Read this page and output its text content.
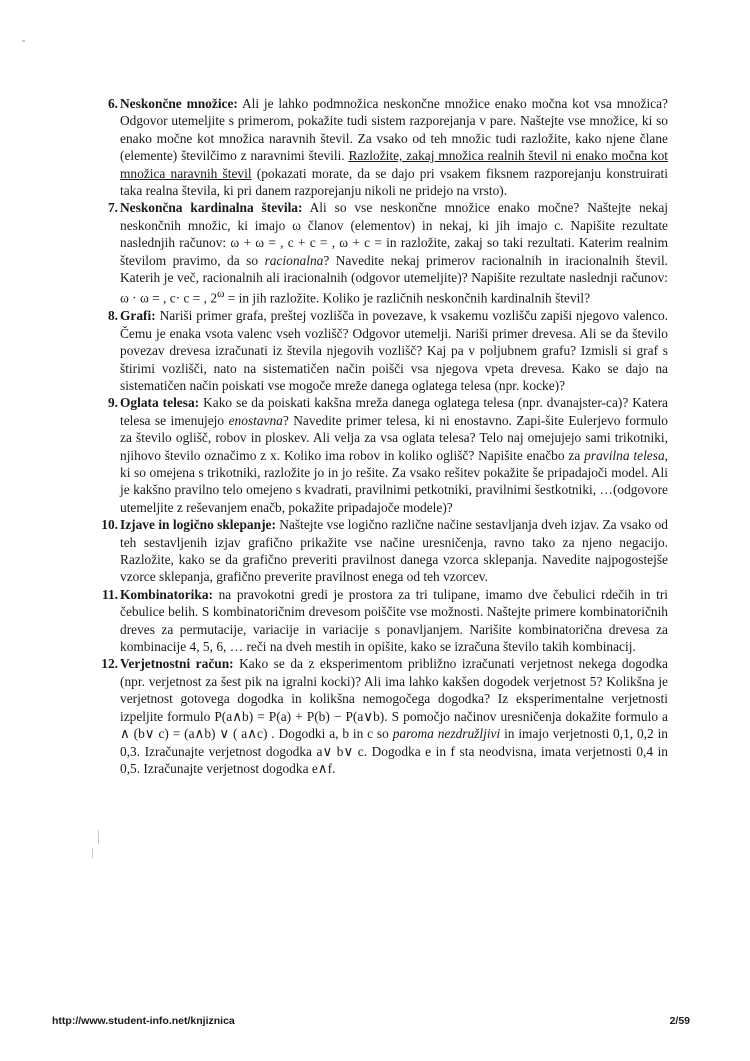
6. Neskončne množice: Ali je lahko podmnožica neskončne množice enako močna kot vsa množica? Odgovor utemeljite s primerom, pokažite tudi sistem razporejanja v pare. Naštejte vse množice, ki so enako močne kot množica naravnih števil. Za vsako od teh množic tudi razložite, kako njene člane (elemente) številčimo z naravnimi števili. Razložite, zakaj množica realnih števil ni enako močna kot množica naravnih števil (pokazati morate, da se dajo pri vsakem fiksnem razporejanju konstruirati taka realna števila, ki pri danem razporejanju nikoli ne pridejo na vrsto).
7. Neskončna kardinalna števila: Ali so vse neskončne množice enako močne? Naštejte nekaj neskončnih množic, ki imajo ω članov (elementov) in nekaj, ki jih imajo c. Napišite rezultate naslednjih računov: ω + ω = , c + c = , ω + c = in razložite, zakaj so taki rezultati. Katerim realnim številom pravimo, da so racionalna? Navedite nekaj primerov racionalnih in iracionalnih števil. Katerih je več, racionalnih ali iracionalnih (odgovor utemeljite)? Napišite rezultate naslednji računov: ω · ω = , c· c = , $2^\omega$ = in jih razložite. Koliko je različnih neskončnih kardinalnih števil?
8. Grafi: Nariši primer grafa, preštej vozlišča in povezave, k vsakemu vozlišču zapiši njegovo valenco. Čemu je enaka vsota valenc vseh vozlišč? Odgovor utemelji. Nariši primer drevesa. Ali se da število povezav drevesa izračunati iz števila njegovih vozlišč? Kaj pa v poljubnem grafu? Izmisli si graf s štirimi vozlišči, nato na sistematičen način poišči vsa njegova vpeta drevesa. Kako se dajo na sistematičen način poiskati vse mogoče mreže danega oglatega telesa (npr. kocke)?
9. Oglata telesa: Kako se da poiskati kakšna mreža danega oglatega telesa (npr. dvanajster-ca)? Katera telesa se imenujejo enostavna? Navedite primer telesa, ki ni enostavno. Zapi-šite Eulerjevo formulo za število oglišč, robov in ploskev. Ali velja za vsa oglata telesa? Telo naj omejujejo sami trikotniki, njihovo število označimo z x. Koliko ima robov in koliko oglišč? Napišite enačbo za pravilna telesa, ki so omejena s trikotniki, razložite jo in jo rešite. Za vsako rešitev pokažite še pripadajoči model. Ali je kakšno pravilno telo omejeno s kvadrati, pravilnimi petkotniki, pravilnimi šestkotniki, …(odgovore utemeljite z reševanjem enačb, pokažite pripadajoče modele)?
10. Izjave in logično sklepanje: Naštejte vse logično različne načine sestavljanja dveh izjav. Za vsako od teh sestavljenih izjav grafično prikažite vse načine uresničenja, ravno tako za njeno negacijo. Razložite, kako se da grafično preveriti pravilnost danega vzorca sklepanja. Navedite najpogostejše vzorce sklepanja, grafično preverite pravilnost enega od teh vzorcev.
11. Kombinatorika: na pravokotni gredi je prostora za tri tulipane, imamo dve čebulici rdečih in tri čebulice belih. S kombinatoričnim drevesom poiščite vse možnosti. Naštejte primere kombinatoričnih dreves za permutacije, variacije in variacije s ponavljanjem. Narišite kombinatorična drevesa za kombinacije 4, 5, 6, … reči na dveh mestih in opišite, kako se izračuna število takih kombinacij.
12. Verjetnostni račun: Kako se da z eksperimentom približno izračunati verjetnost nekega dogodka (npr. verjetnost za šest pik na igralni kocki)? Ali ima lahko kakšen dogodek verjetnost 5? Kolikšna je verjetnost gotovega dogodka in kolikšna nemogočega dogodka? Iz eksperimentalne verjetnosti izpeljite formulo P(a∧b) = P(a) + P(b) − P(a∨b). S pomočjo načinov uresničenja dokažite formulo a ∧ (b∨ c) = (a∧b) ∨ ( a∧c) . Dogodki a, b in c so paroma nezdružljivi in imajo verjetnosti 0,1, 0,2 in 0,3. Izračunajte verjetnost dogodka a∨ b∨ c. Dogodka e in f sta neodvisna, imata verjetnosti 0,4 in 0,5. Izračunajte verjetnost dogodka e∧f.
http://www.student-info.net/knjiznica	2/59
